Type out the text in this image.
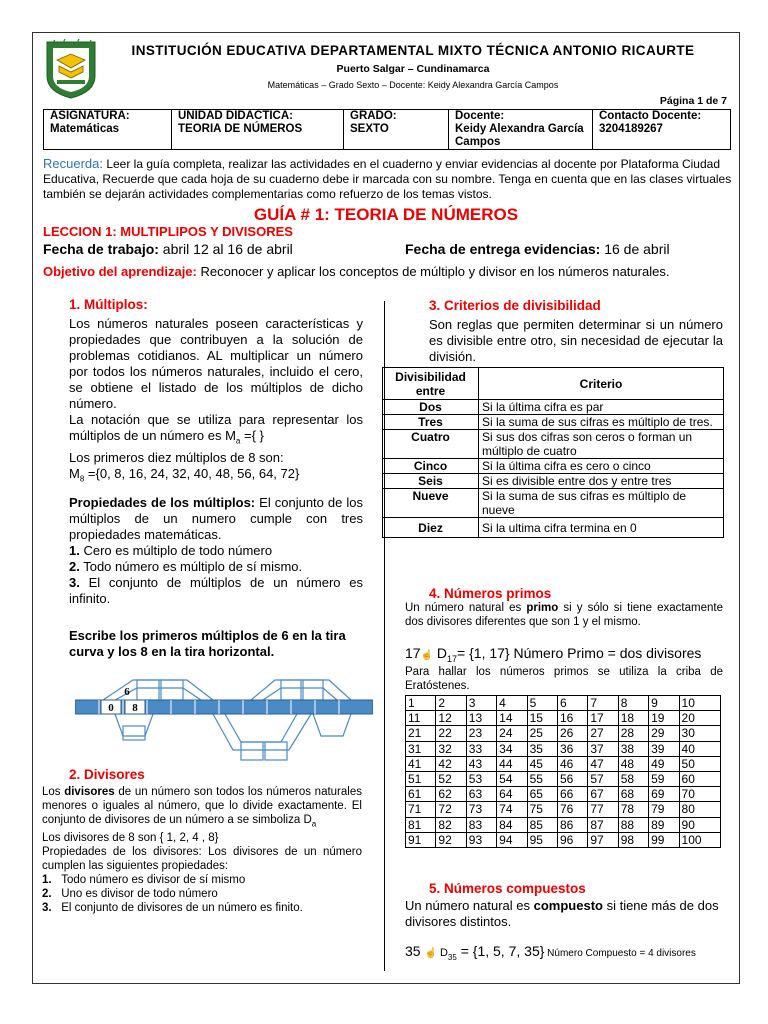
INSTITUCIÓN EDUCATIVA DEPARTAMENTAL MIXTO TÉCNICA ANTONIO RICAURTE
Puerto Salgar – Cundinamarca
Matemáticas – Grado Sexto – Docente: Keidy Alexandra García Campos
Página 1 de 7
ASIGNATURA:
Matemáticas

UNIDAD DIDACTICA:
TEORIA DE NÚMEROS

GRADO:
SEXTO

Docente:
Keidy Alexandra García Campos

Contacto Docente:
3204189267
Recuerda: Leer la guía completa, realizar las actividades en el cuaderno y enviar evidencias al docente por Plataforma Ciudad Educativa, Recuerde que cada hoja de su cuaderno debe ir marcada con su nombre. Tenga en cuenta que en las clases virtuales también se dejarán actividades complementarias como refuerzo de los temas vistos.
GUÍA # 1: TEORIA DE NÚMEROS
LECCION 1: MULTIPLIPOS Y DIVISORES
Fecha de trabajo: abril 12 al 16 de abril	Fecha de entrega evidencias: 16 de abril
Objetivo del aprendizaje: Reconocer y aplicar los conceptos de múltiplo y divisor en los números naturales.
1. Múltiplos:
Los números naturales poseen características y propiedades que contribuyen a la solución de problemas cotidianos. AL multiplicar un número por todos los números naturales, incluido el cero, se obtiene el listado de los múltiplos de dicho número.
La notación que se utiliza para representar los múltiplos de un número es $M_a$ ={ }
Los primeros diez múltiplos de 8 son:
$M_8 =\{0$, 8, 16, 24, 32, 40, 48, 56, 64, 72}
Propiedades de los múltiplos: El conjunto de los múltiplos de un numero cumple con tres propiedades matemáticas.
1. Cero es múltiplo de todo número
2. Todo número es múltiplo de sí mismo.
3. El conjunto de múltiplos de un número es infinito.
Escribe los primeros múltiplos de 6 en la tira curva y los 8 en la tira horizontal.
0 8
6
2. Divisores
Los divisores de un número son todos los números naturales menores o iguales al número, que lo divide exactamente. El conjunto de divisores de un número a se simboliza $D_a$
Los divisores de 8 son { 1, 2, 4 , 8}
Propiedades de los divisores: Los divisores de un número cumplen las siguientes propiedades:
1. Todo número es divisor de sí mismo
2. Uno es divisor de todo número
3. El conjunto de divisores de un número es finito.
3. Criterios de divisibilidad
Son reglas que permiten determinar si un número es divisible entre otro, sin necesidad de ejecutar la división.
Divisibilidad entre	Criterio
Dos	Si la última cifra es par
Tres	Si la suma de sus cifras es múltiplo de tres.
Cuatro	Si sus dos cifras son ceros o forman un múltiplo de cuatro
Cinco	Si la última cifra es cero o cinco
Seis	Si es divisible entre dos y entre tres
Nueve	Si la suma de sus cifras es múltiplo de nueve
Diez	Si la ultima cifra termina en 0
4. Números primos
Un número natural es primo si y sólo si tiene exactamente dos divisores diferentes que son 1 y el mismo.
17☝ $D_{17}= \{1$, 17} Número Primo = dos divisores
Para hallar los números primos se utiliza la criba de Eratóstenes.
1	2	3	4	5	6	7	8	9	10
11	12	13	14	15	16	17	18	19	20
21	22	23	24	25	26	27	28	29	30
31	32	33	34	35	36	37	38	39	40
41	42	43	44	45	46	47	48	49	50
51	52	53	54	55	56	57	58	59	60
61	62	63	64	65	66	67	68	69	70
71	72	73	74	75	76	77	78	79	80
81	82	83	84	85	86	87	88	89	90
91	92	93	94	95	96	97	98	99	100
5. Números compuestos
Un número natural es compuesto si tiene más de dos divisores distintos.
35 ☝ $D_{35} = \{1$, 5, 7, 35} Número Compuesto = 4 divisores
